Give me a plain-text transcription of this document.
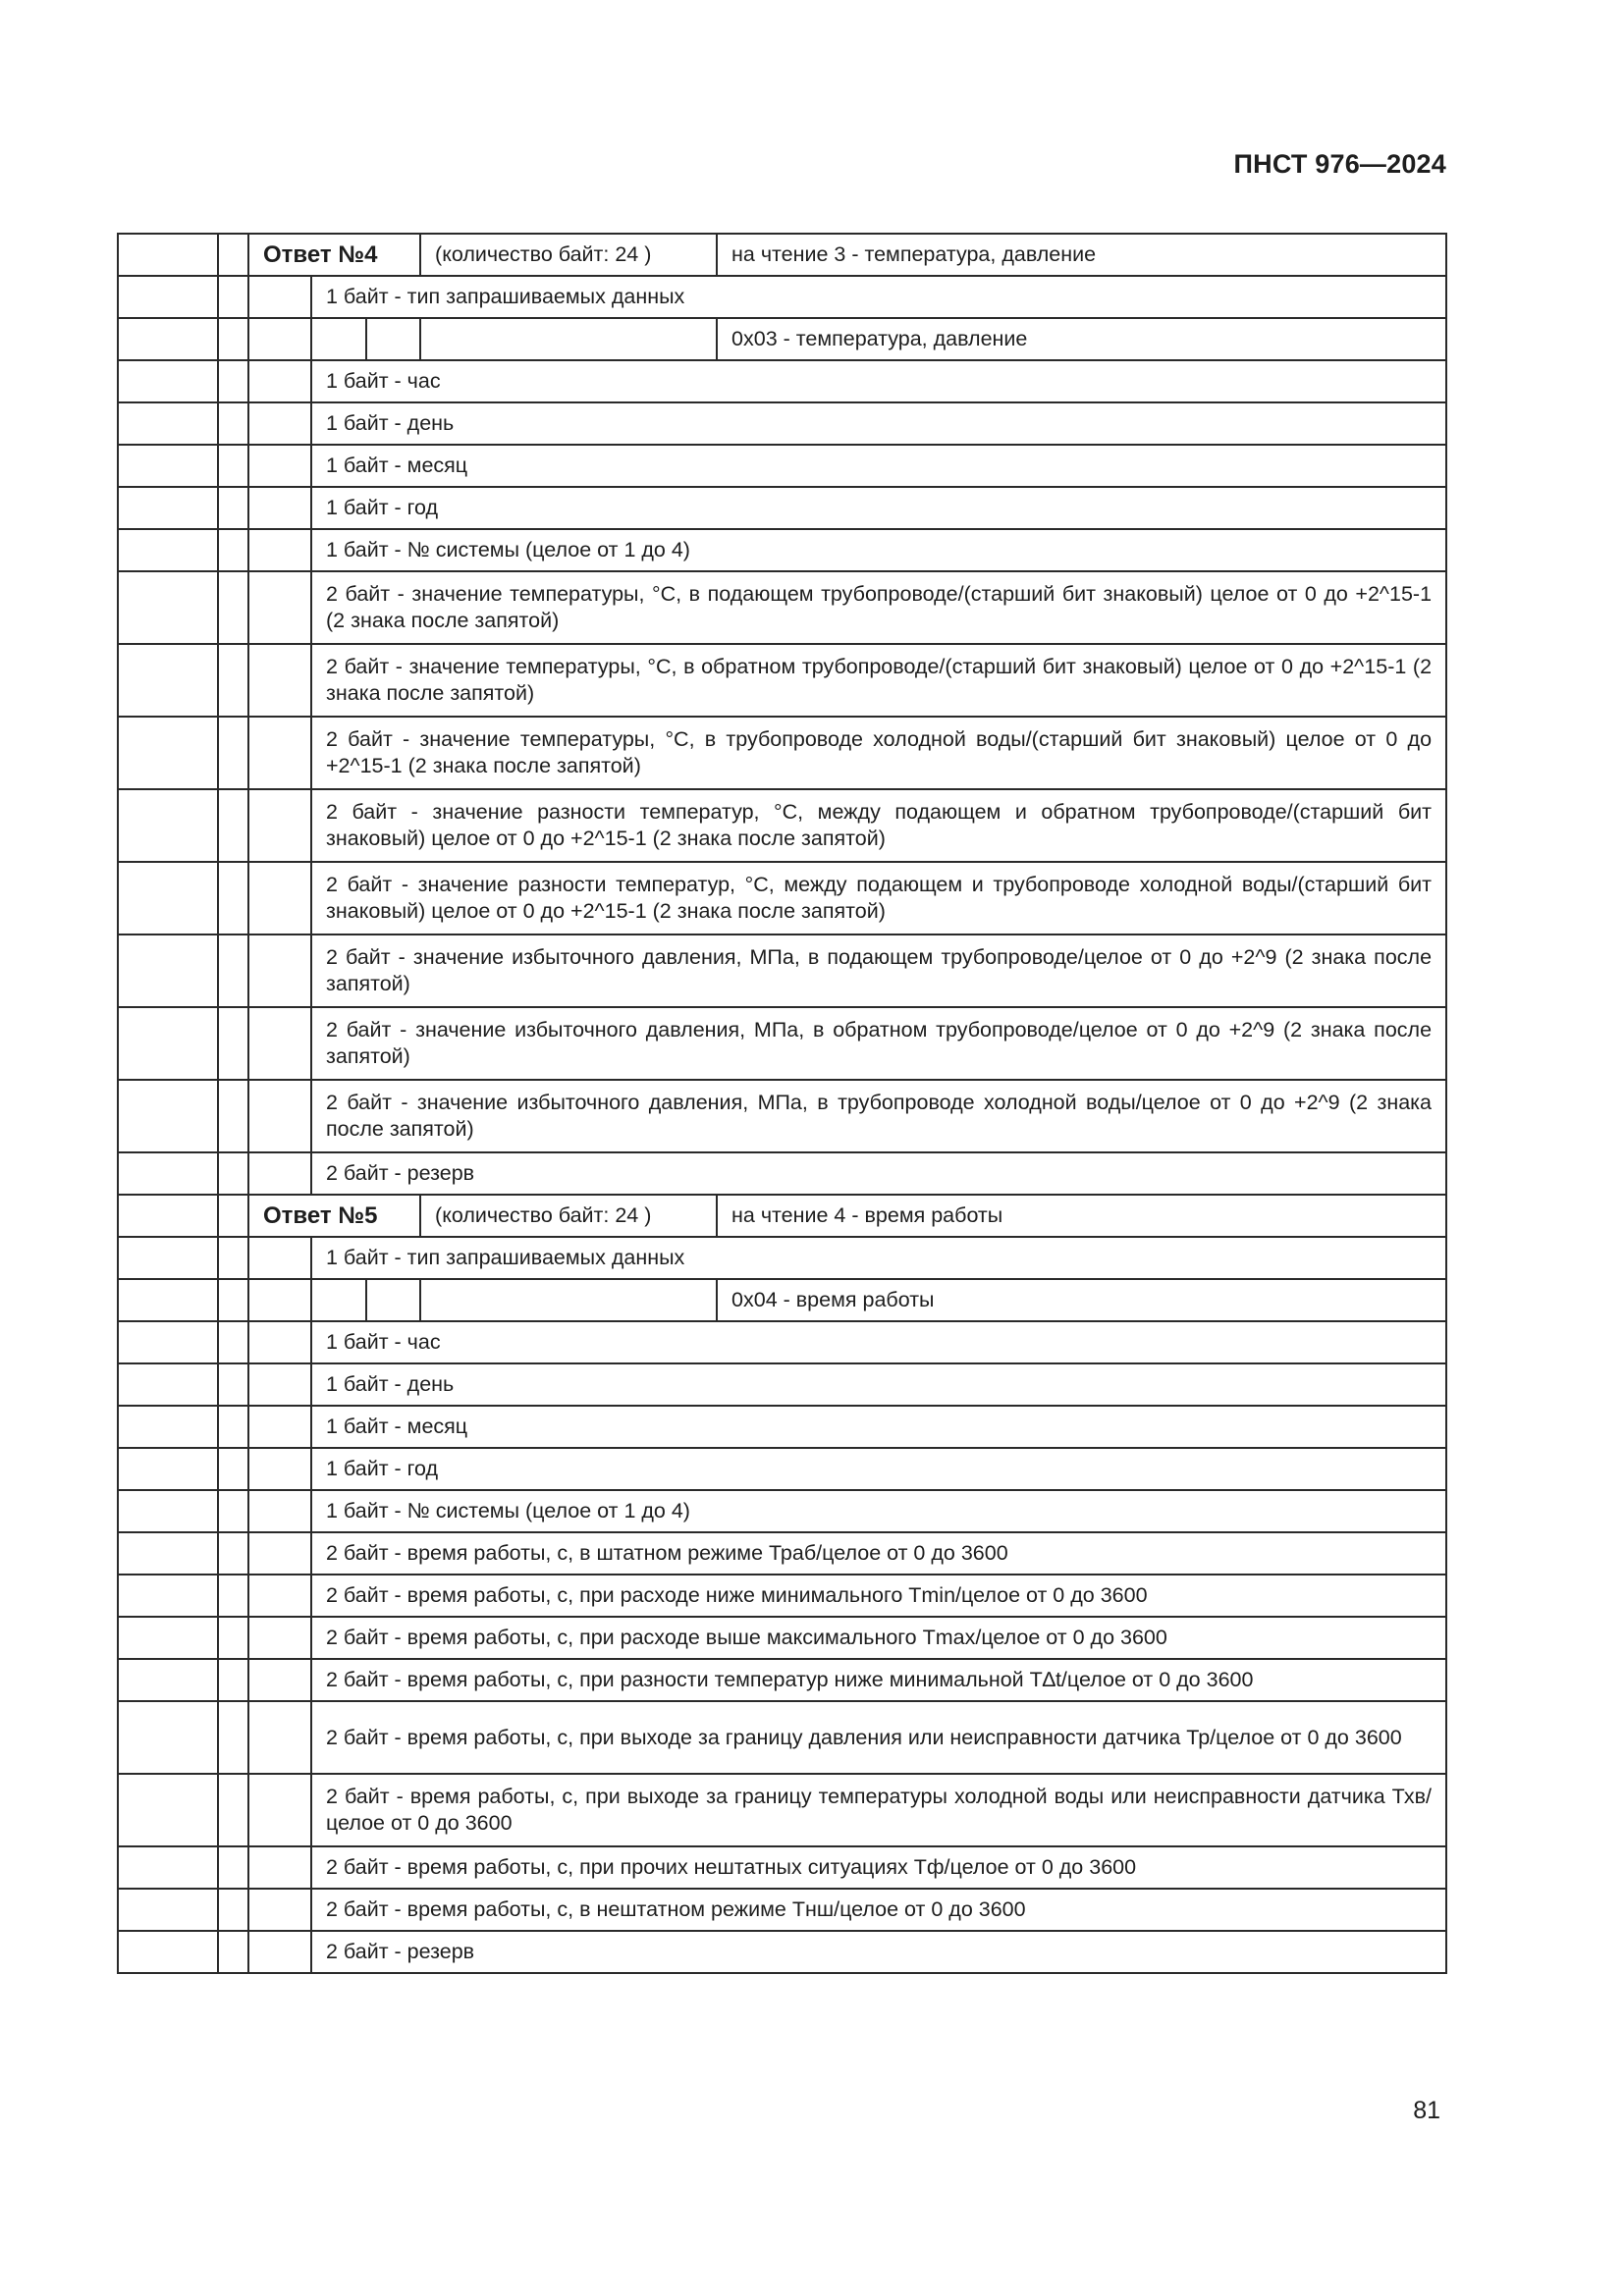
ПНСТ 976—2024
		Ответ №4			(количество байт: 24 )	на чтение 3 - температура, давление
			1 байт - тип запрашиваемых данных			
						0x03 - температура, давление
			1 байт - час			
			1 байт - день			
			1 байт - месяц			
			1 байт - год			
			1 байт - № системы (целое от 1 до 4)			
			2 байт - значение температуры, °С, в подающем трубопроводе/(старший бит знаковый) целое от 0 до +2^15-1 (2 знака после запятой)			
			2 байт - значение температуры, °С, в обратном трубопроводе/(старший бит знаковый) целое от 0 до +2^15-1 (2 знака после запятой)			
			2 байт - значение температуры, °С, в трубопроводе холодной воды/(старший бит знаковый) целое от 0 до +2^15-1 (2 знака после запятой)			
			2 байт - значение разности температур, °С, между подающем и обратном трубопроводе/(старший бит знаковый) целое от 0 до +2^15-1 (2 знака после запятой)			
			2 байт - значение разности температур, °С, между подающем и трубопроводе холодной воды/(старший бит знаковый) целое от 0 до +2^15-1 (2 знака после запятой)			
			2 байт - значение избыточного давления, МПа, в подающем трубопроводе/целое от 0 до +2^9 (2 знака после запятой)			
			2 байт - значение избыточного давления, МПа, в обратном трубопроводе/целое от 0 до +2^9 (2 знака после запятой)			
			2 байт - значение избыточного давления, МПа, в трубопроводе холодной воды/целое от 0 до +2^9 (2 знака после запятой)			
			2 байт - резерв			
		Ответ №5			(количество байт: 24 )	на чтение 4 - время работы
			1 байт - тип запрашиваемых данных			
						0x04 - время работы
			1 байт - час			
			1 байт - день			
			1 байт - месяц			
			1 байт - год			
			1 байт - № системы (целое от 1 до 4)			
			2 байт - время работы, с, в штатном режиме Траб/целое от 0 до 3600			
			2 байт - время работы, с, при расходе ниже минимального Tmin/целое от 0 до 3600			
			2 байт - время работы, с, при расходе выше максимального Tmax/целое от 0 до 3600			
			2 байт - время работы, с, при разности температур ниже минимальной T∆t/целое от 0 до 3600			
			2 байт - время работы, с, при выходе за границу давления или неисправности датчика Тр/целое от 0 до 3600			
			2 байт - время работы, с, при выходе за границу температуры холодной воды или неисправности датчика Тхв/целое от 0 до 3600			
			2 байт - время работы, с, при прочих нештатных ситуациях Тф/целое от 0 до 3600			
			2 байт - время работы, с, в нештатном режиме Тнш/целое от 0 до 3600			
			2 байт - резерв			
81
